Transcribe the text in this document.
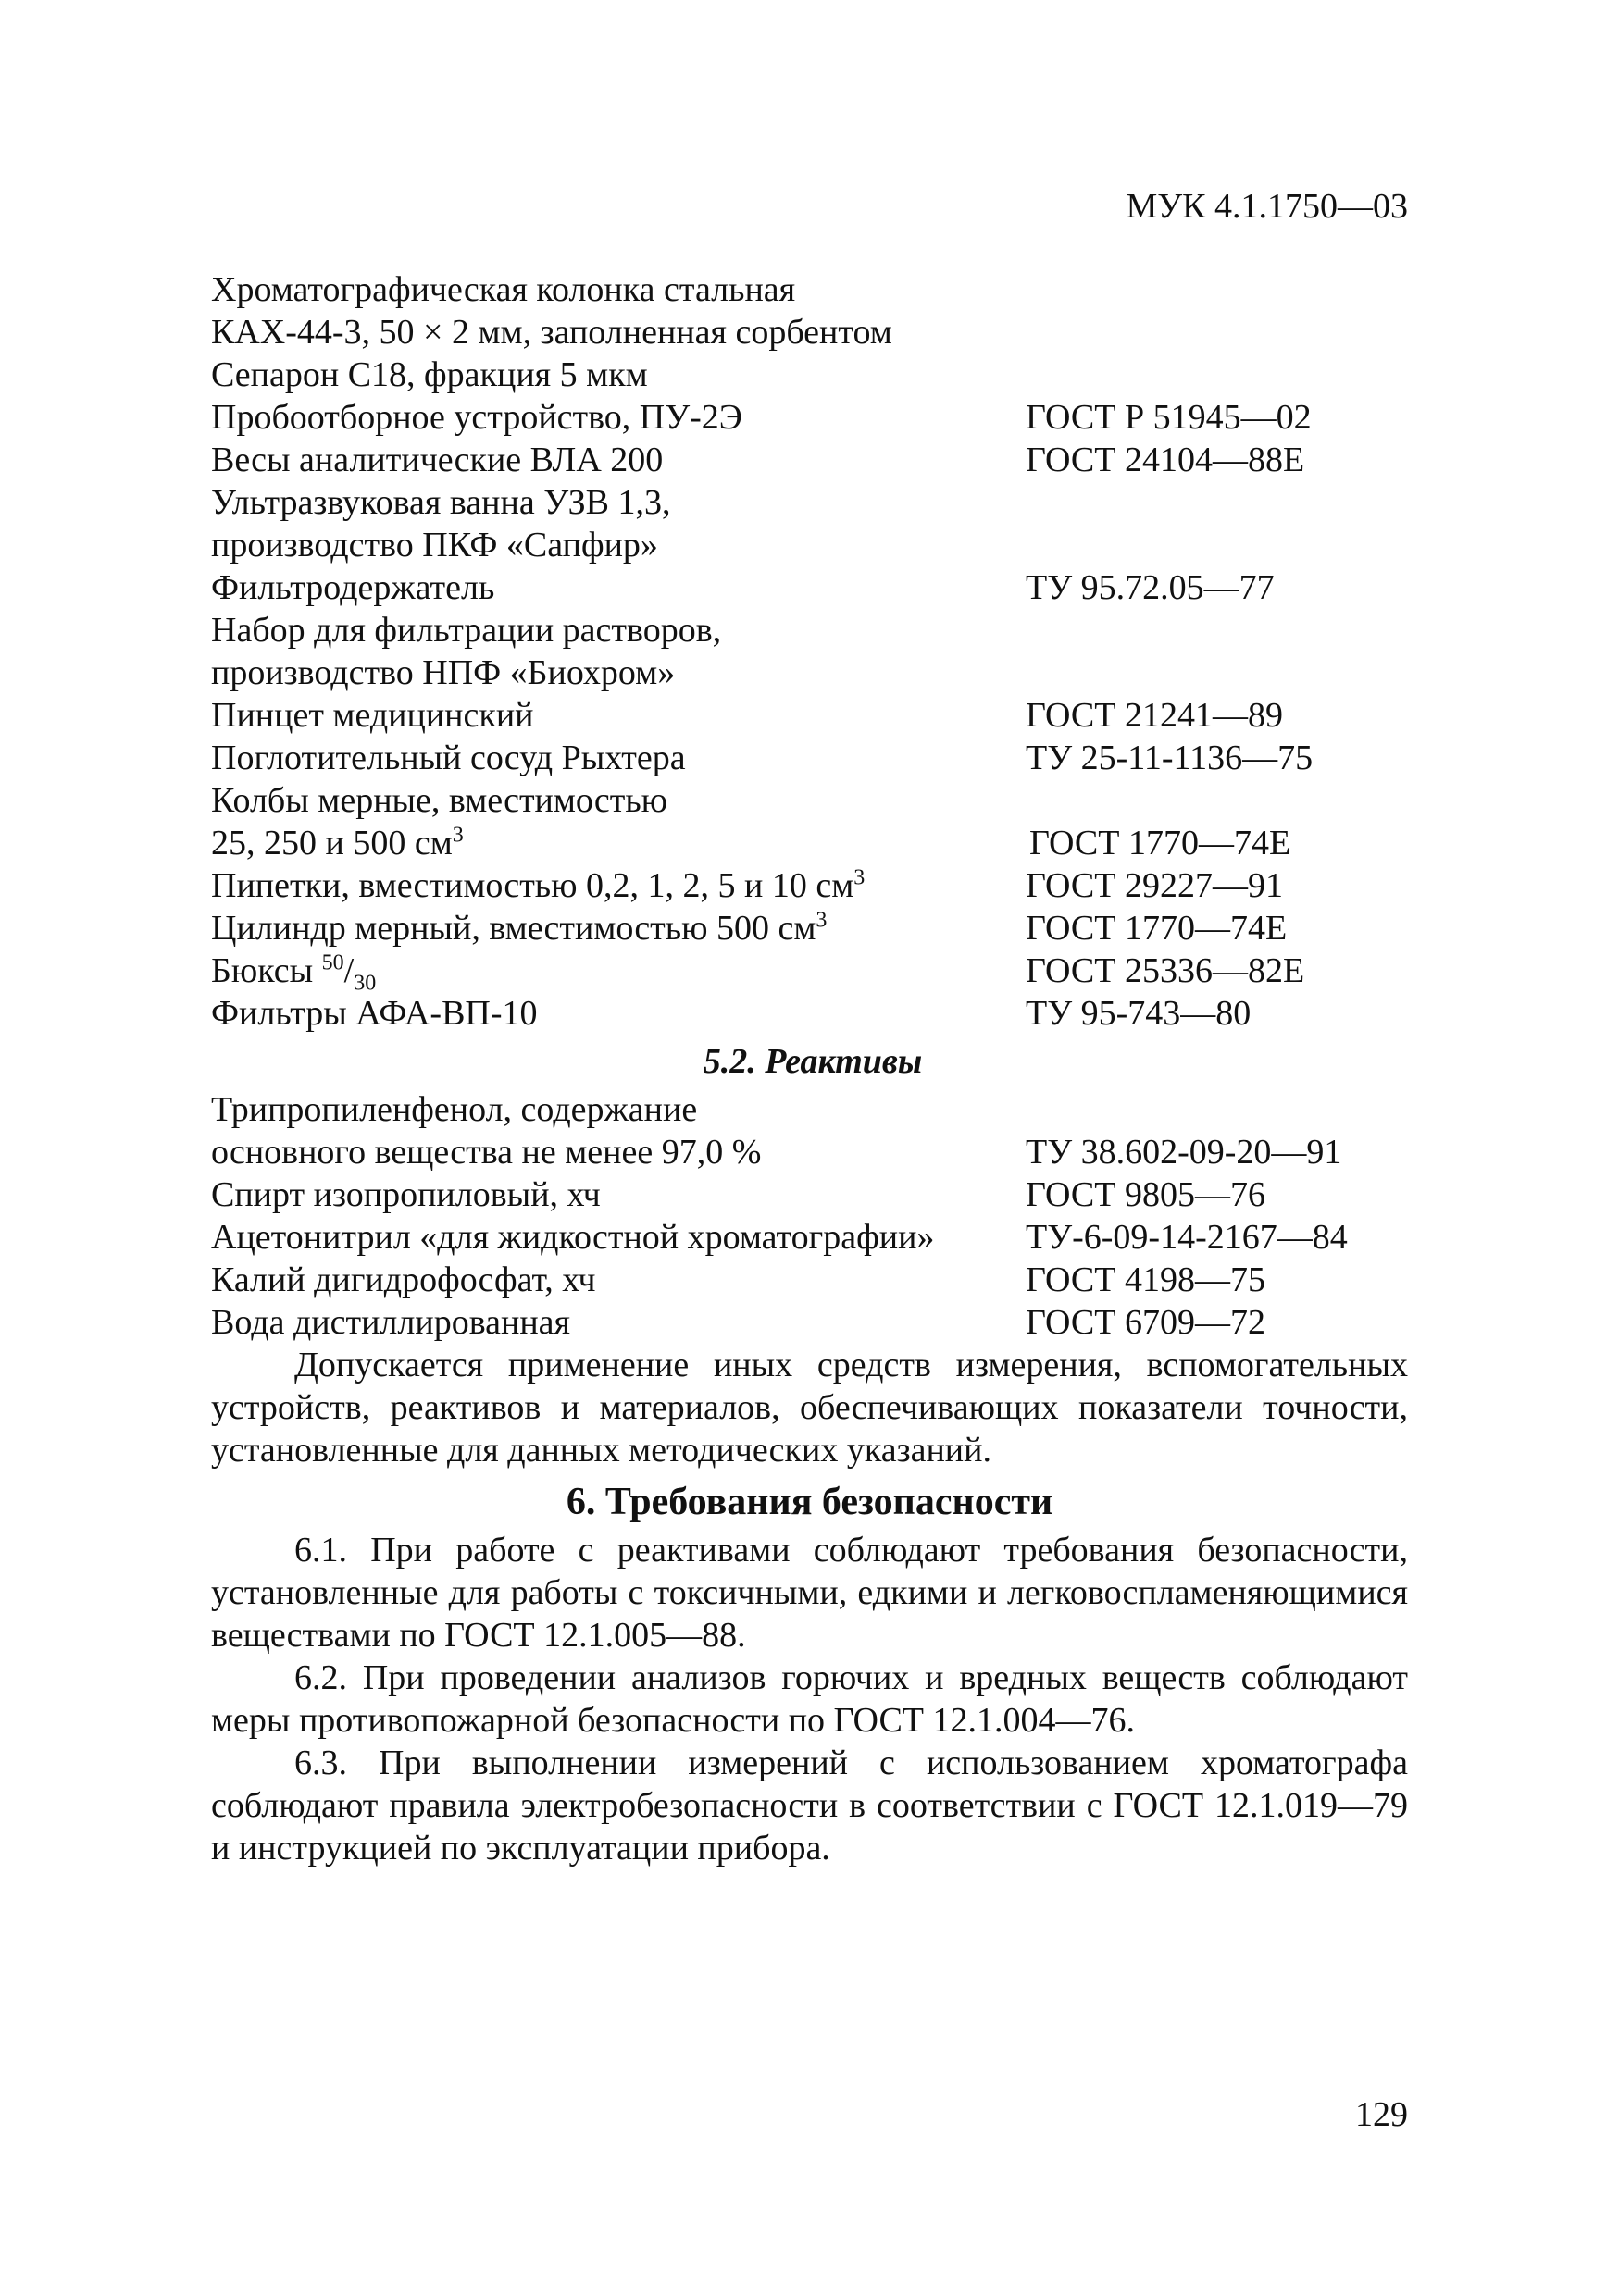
МУК 4.1.1750—03
Хроматографическая колонка стальная
КАХ-44-3, 50 × 2 мм, заполненная сорбентом
Сепарон С18, фракция 5 мкм
Пробоотборное устройство, ПУ-2Э	ГОСТ Р 51945—02
Весы аналитические ВЛА 200	ГОСТ 24104—88Е
Ультразвуковая ванна УЗВ 1,3,
производство ПКФ «Сапфир»
Фильтродержатель	ТУ 95.72.05—77
Набор для фильтрации растворов,
производство НПФ «Биохром»
Пинцет медицинский	ГОСТ 21241—89
Поглотительный сосуд Рыхтера	ТУ 25-11-1136—75
Колбы мерные, вместимостью
25, 250 и 500 $см^3$	ГОСТ 1770—74Е
Пипетки, вместимостью 0,2, 1, 2, 5 и 10 $см^3$	ГОСТ 29227—91
Цилиндр мерный, вместимостью 500 $см^3$	ГОСТ 1770—74Е
Бюксы $^{50}/_{30}$	ГОСТ 25336—82Е
Фильтры АФА-ВП-10	ТУ 95-743—80
5.2. Реактивы
Трипропиленфенол, содержание
основного вещества не менее 97,0 %	ТУ 38.602-09-20—91
Спирт изопропиловый, хч	ГОСТ 9805—76
Ацетонитрил «для жидкостной хроматографии»	ТУ-6-09-14-2167—84
Калий дигидрофосфат, хч	ГОСТ 4198—75
Вода дистиллированная	ГОСТ 6709—72
Допускается применение иных средств измерения, вспомогательных устройств, реактивов и материалов, обеспечивающих показатели точности, установленные для данных методических указаний.
6. Требования безопасности
6.1. При работе с реактивами соблюдают требования безопасности, установленные для работы с токсичными, едкими и легковоспламеняющимися веществами по ГОСТ 12.1.005—88.
6.2. При проведении анализов горючих и вредных веществ соблюдают меры противопожарной безопасности по ГОСТ 12.1.004—76.
6.3. При выполнении измерений с использованием хроматографа соблюдают правила электробезопасности в соответствии с ГОСТ 12.1.019—79 и инструкцией по эксплуатации прибора.
129
